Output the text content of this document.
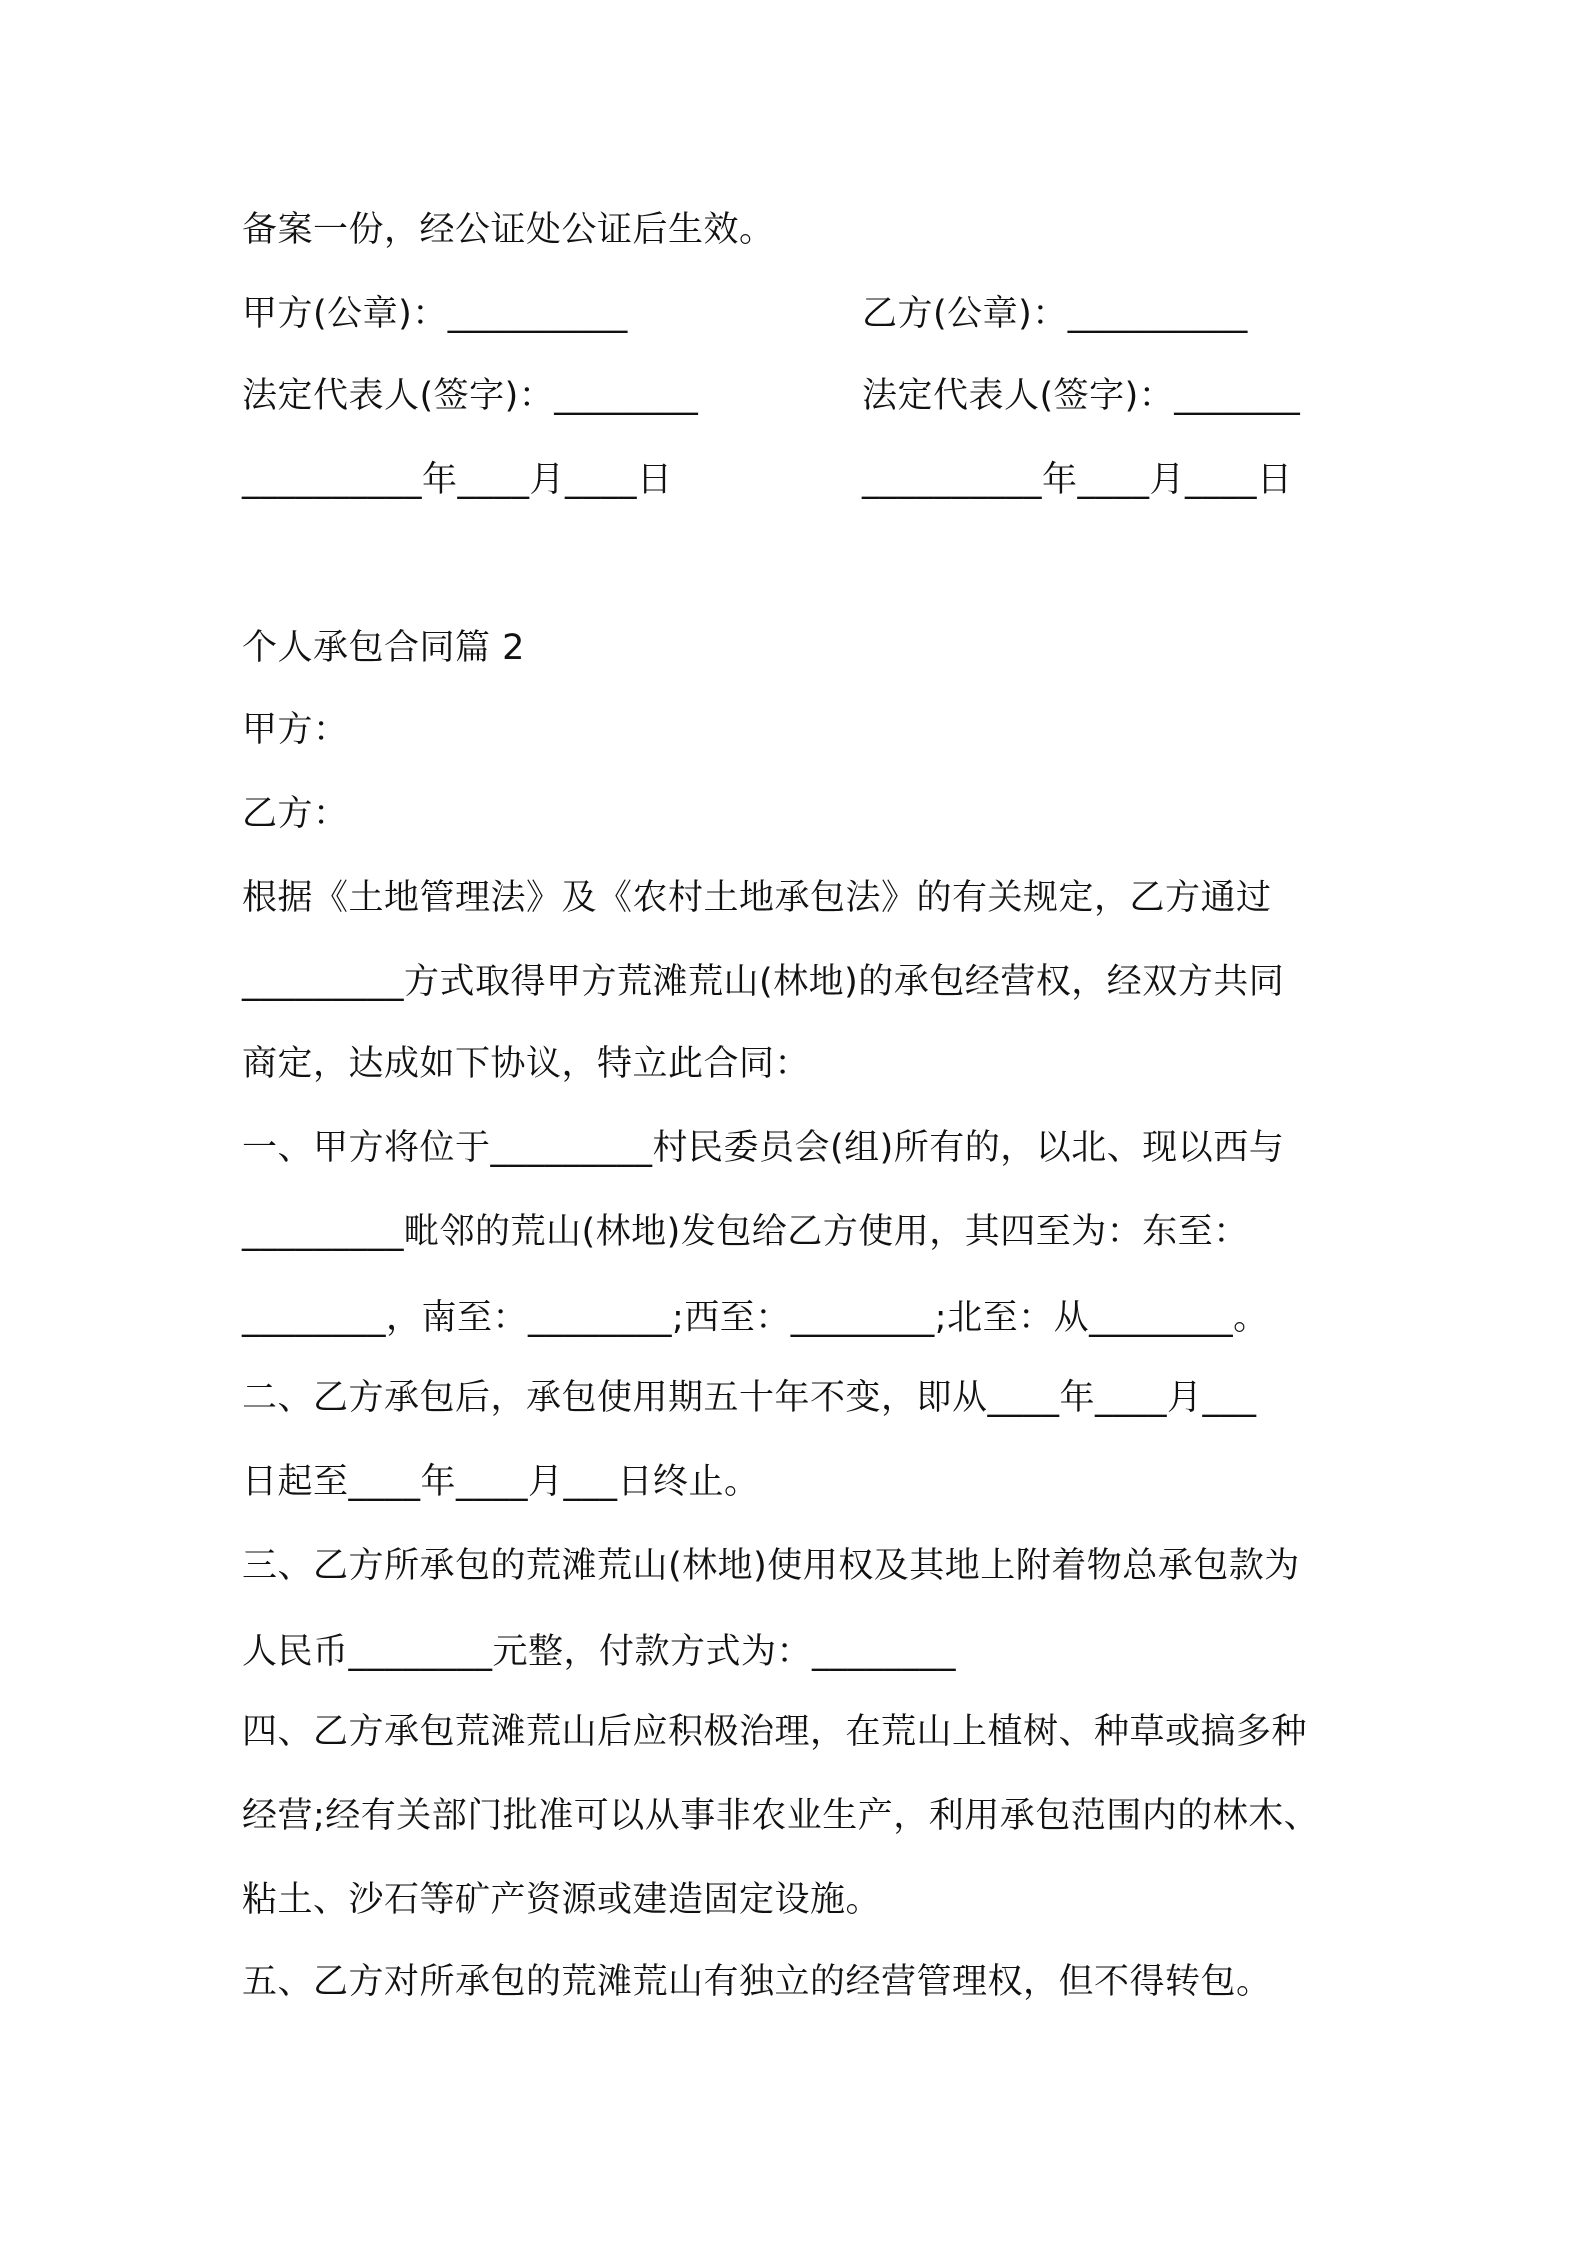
备案一份，经公证处公证后生效。
甲方(公章)：__________	乙方(公章)：__________
法定代表人(签字)：________	法定代表人(签字)：_______
__________年____月____日	__________年____月____日
个人承包合同篇 2
甲方：
乙方：
根据《土地管理法》及《农村土地承包法》的有关规定，乙方通过
_________方式取得甲方荒滩荒山(林地)的承包经营权，经双方共同
商定，达成如下协议，特立此合同：
一、甲方将位于_________村民委员会(组)所有的，以北、现以西与
_________毗邻的荒山(林地)发包给乙方使用，其四至为：东至：
________，南至：________;西至：________;北至：从________。
二、乙方承包后，承包使用期五十年不变，即从____年____月___
日起至____年____月___日终止。
三、乙方所承包的荒滩荒山(林地)使用权及其地上附着物总承包款为
人民币________元整，付款方式为：________
四、乙方承包荒滩荒山后应积极治理，在荒山上植树、种草或搞多种
经营;经有关部门批准可以从事非农业生产，利用承包范围内的林木、
粘土、沙石等矿产资源或建造固定设施。
五、乙方对所承包的荒滩荒山有独立的经营管理权，但不得转包。
